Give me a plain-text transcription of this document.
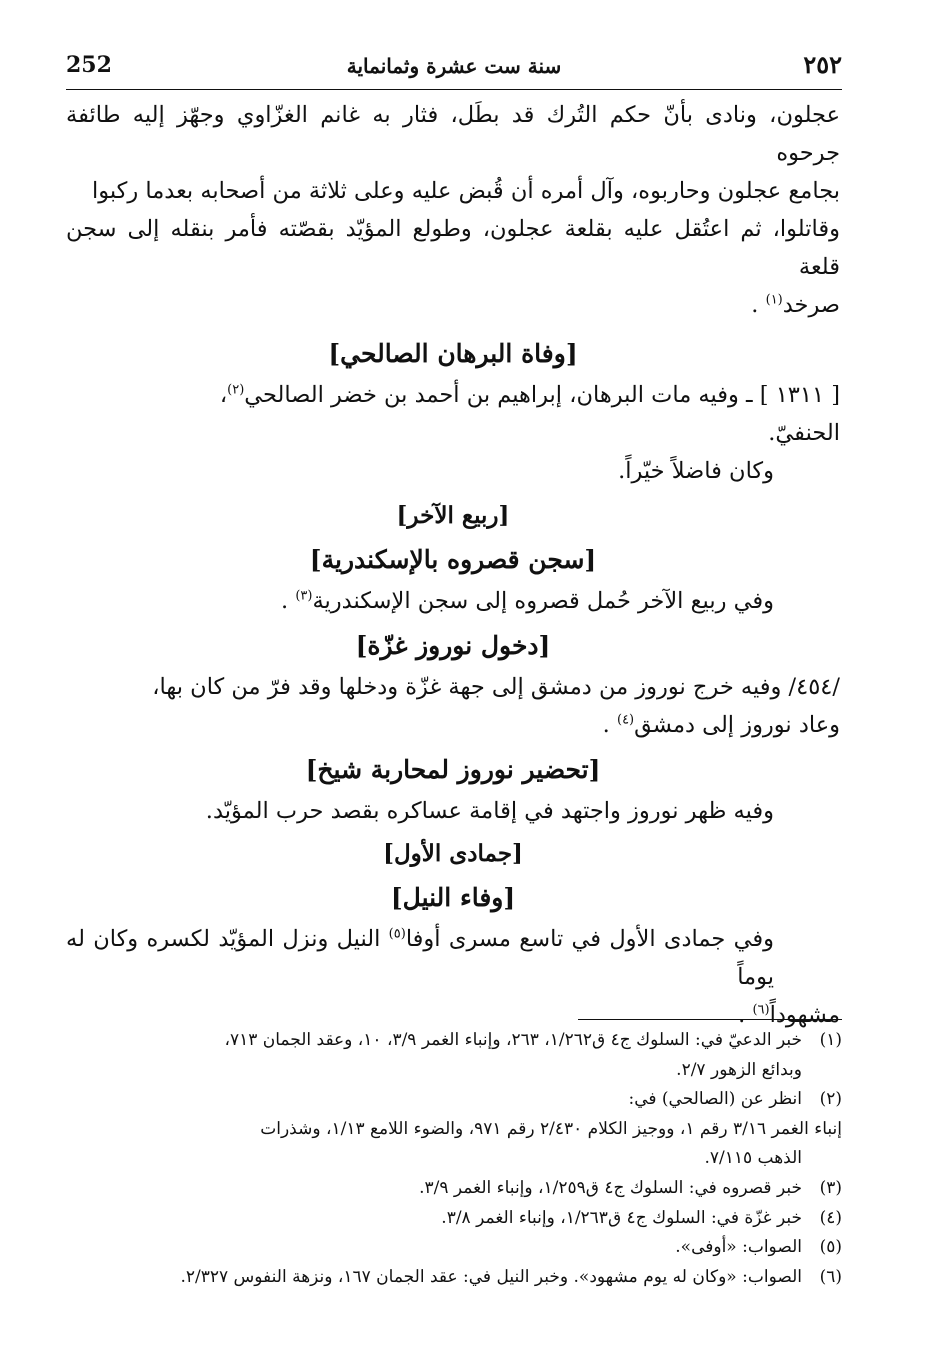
252	سنة ست عشرة وثمانماية	٢٥٢

عجلون، ونادى بأنّ حكم التُرك قد بطَل، فثار به غانم الغزّاوي وجهّز إليه طائفة جرحوه

بجامع عجلون وحاربوه، وآل أمره أن قُبض عليه وعلى ثلاثة من أصحابه بعدما ركبوا

وقاتلوا، ثم اعتُقل عليه بقلعة عجلون، وطولع المؤيّد بقصّته فأمر بنقله إلى سجن قلعة

صرخد$^{(١)}$ .

[وفاة البرهان الصالحي]

[ ١٣١١ ] ـ وفيه مات البرهان، إبراهيم بن أحمد بن خضر الصالحي$^{(٢)}$،

الحنفيّ.

وكان فاضلاً خيّراً.

[ربيع الآخر]

[سجن قصروه بالإسكندرية]

وفي ربيع الآخر حُمل قصروه إلى سجن الإسكندرية$^{(٣)}$ .

[دخول نوروز غزّة]

/٤٥٤/ وفيه خرج نوروز من دمشق إلى جهة غزّة ودخلها وقد فرّ من كان بها،

وعاد نوروز إلى دمشق$^{(٤)}$ .

[تحضير نوروز لمحاربة شيخ]

وفيه ظهر نوروز واجتهد في إقامة عساكره بقصد حرب المؤيّد.

[جمادى الأول]

[وفاء النيل]

وفي جمادى الأول في تاسع مسرى أوفا$^{(٥)}$ النيل ونزل المؤيّد لكسره وكان له يوماً

مشهوداً$^{(٦)}$ .

(١)خبر الدعيّ في: السلوك ج٤ ق١/٢٦٢، ٢٦٣، وإنباء الغمر ٣/٩، ١٠، وعقد الجمان ٧١٣،

وبدائع الزهور ٢/٧.

(٢)انظر عن (الصالحي) في:

إنباء الغمر ٣/١٦ رقم ١، ووجيز الكلام ٢/٤٣٠ رقم ٩٧١، والضوء اللامع ١/١٣، وشذرات

الذهب ٧/١١٥.

(٣)خبر قصروه في: السلوك ج٤ ق١/٢٥٩، وإنباء الغمر ٣/٩.

(٤)خبر غزّة في: السلوك ج٤ ق١/٢٦٣، وإنباء الغمر ٣/٨.

(٥)الصواب: «أوفى».

(٦)الصواب: «وكان له يوم مشهود». وخبر النيل في: عقد الجمان ١٦٧، ونزهة النفوس ٢/٣٢٧.
